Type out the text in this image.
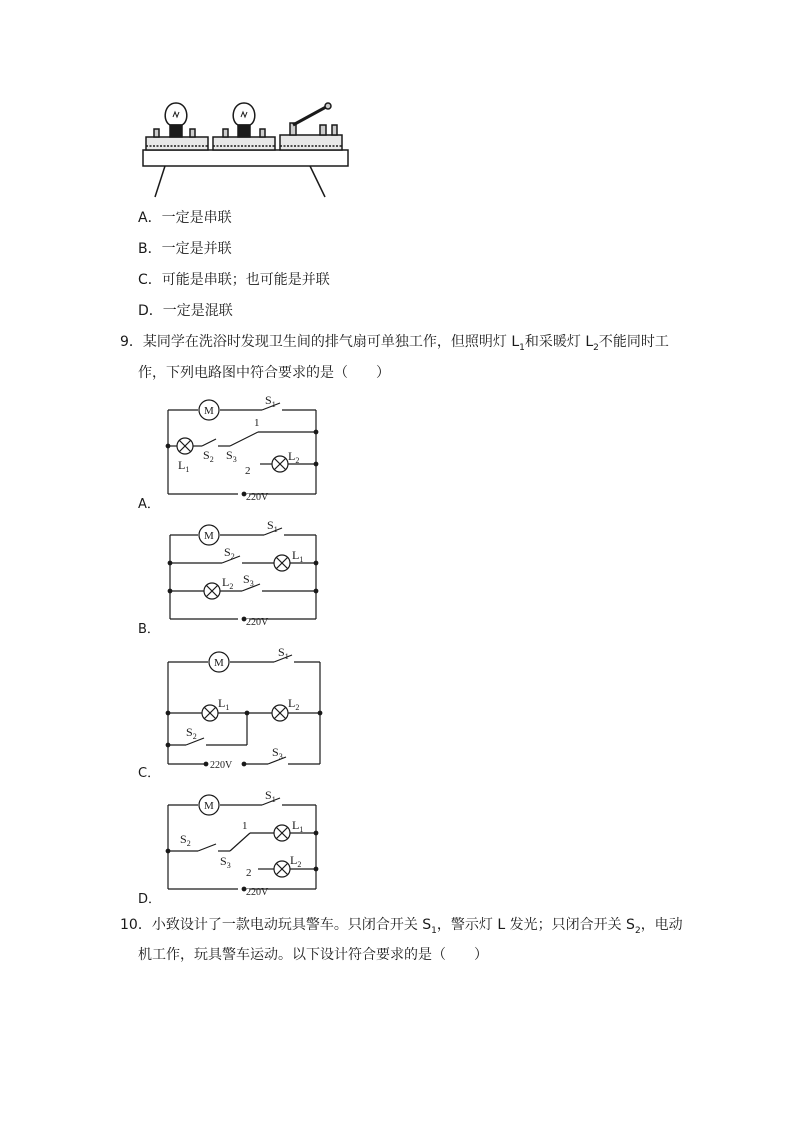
A．一定是串联
B．一定是并联
C．可能是串联；也可能是并联
D．一定是混联
9．某同学在洗浴时发现卫生间的排气扇可单独工作，但照明灯 $L_1$和采暖灯 $L_2$不能同时工
作，下列电路图中符合要求的是（　　）
M
$S_1$
1
$L_1$
$S_2$ $S_3$
2
$L_2$
220V
A．
M
$S_1$
$S_2$	$L_1$
$L_2$
$S_3$
220V
B．
M
$S_1$
$L_1$	$L_2$
$S_2$
$S_3$
220V
C．
M
$S_1$
$S_2$
1
$S_3$
$L_1$
2
$L_2$
220V
D．
10．小致设计了一款电动玩具警车。只闭合开关 $S_1$，警示灯 L 发光；只闭合开关 $S_2$，电动
机工作，玩具警车运动。以下设计符合要求的是（　　）
